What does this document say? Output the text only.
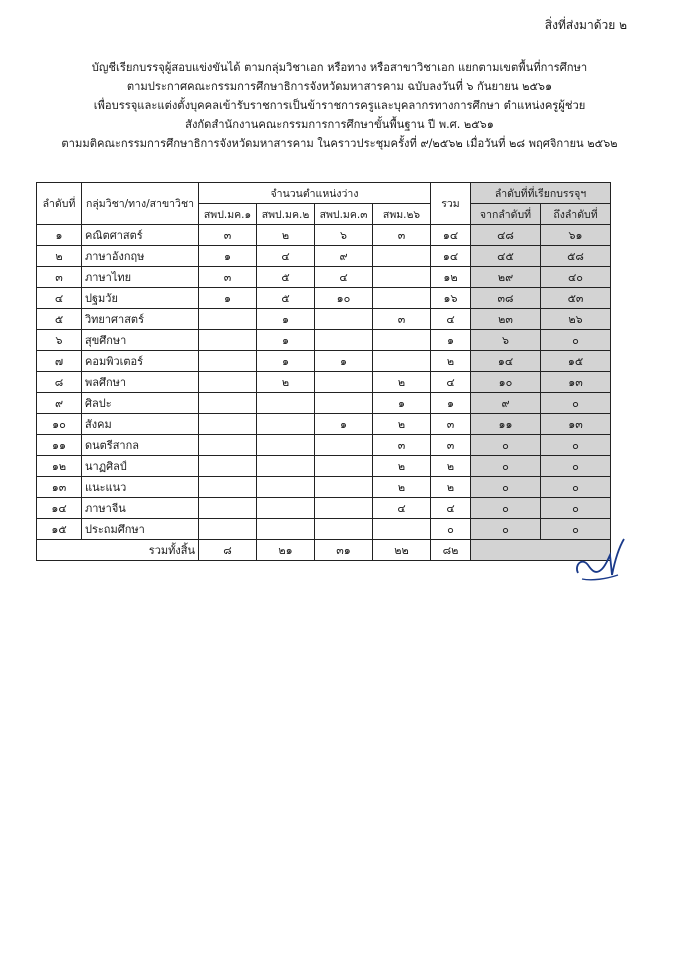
สิ่งที่ส่งมาด้วย ๒
บัญชีเรียกบรรจุผู้สอบแข่งขันได้ ตามกลุ่มวิชาเอก หรือทาง หรือสาขาวิชาเอก แยกตามเขตพื้นที่การศึกษา
ตามประกาศคณะกรรมการศึกษาธิการจังหวัดมหาสารคาม ฉบับลงวันที่ ๖ กันยายน ๒๕๖๑
เพื่อบรรจุและแต่งตั้งบุคคลเข้ารับราชการเป็นข้าราชการครูและบุคลากรทางการศึกษา ตำแหน่งครูผู้ช่วย
สังกัดสำนักงานคณะกรรมการการศึกษาขั้นพื้นฐาน ปี พ.ศ. ๒๕๖๑
ตามมติคณะกรรมการศึกษาธิการจังหวัดมหาสารคาม ในคราวประชุมครั้งที่ ๙/๒๕๖๒ เมื่อวันที่ ๒๘ พฤศจิกายน ๒๕๖๒
ลำดับที่	กลุ่มวิชา/ทาง/สาขาวิชา	จำนวนตำแหน่งว่าง				รวม	ลำดับที่ที่เรียกบรรจุฯ	
		สพป.มค.๑	สพป.มค.๒	สพป.มค.๓	สพม.๒๖		จากลำดับที่	ถึงลำดับที่
๑	คณิตศาสตร์	๓	๒	๖	๓	๑๔	๔๘	๖๑
๒	ภาษาอังกฤษ	๑	๔	๙		๑๔	๔๕	๕๘
๓	ภาษาไทย	๓	๕	๔		๑๒	๒๙	๔๐
๔	ปฐมวัย	๑	๕	๑๐		๑๖	๓๘	๕๓
๕	วิทยาศาสตร์		๑		๓	๔	๒๓	๒๖
๖	สุขศึกษา		๑			๑	๖	๐
๗	คอมพิวเตอร์		๑	๑		๒	๑๔	๑๕
๘	พลศึกษา		๒		๒	๔	๑๐	๑๓
๙	ศิลปะ				๑	๑	๙	๐
๑๐	สังคม			๑	๒	๓	๑๑	๑๓
๑๑	ดนตรีสากล				๓	๓	๐	๐
๑๒	นาฏศิลป์				๒	๒	๐	๐
๑๓	แนะแนว				๒	๒	๐	๐
๑๔	ภาษาจีน				๔	๔	๐	๐
๑๕	ประถมศึกษา					๐	๐	๐
รวมทั้งสิ้น		๘	๒๑	๓๑	๒๒	๘๒		
